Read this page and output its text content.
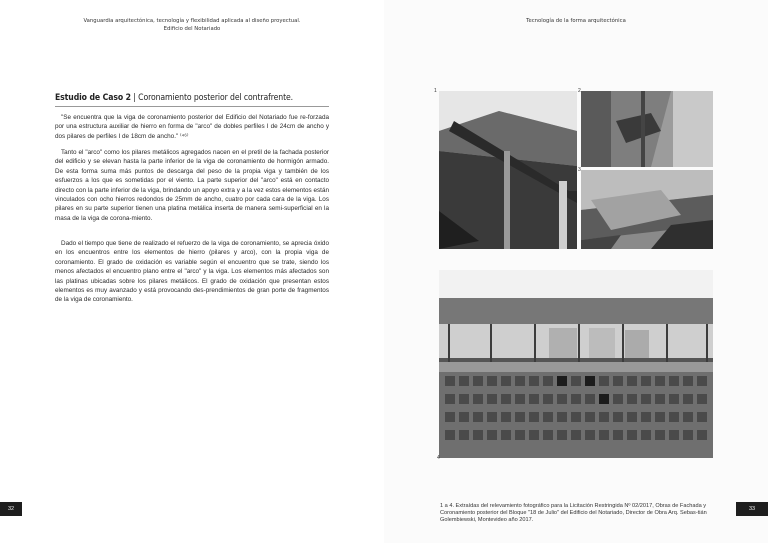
Vanguardia arquitectónica, tecnología y flexibilidad aplicada al diseño proyectual.
Edificio del Notariado
Tecnología de la forma arquitectónica
Estudio de Caso 2 | Coronamiento posterior del contrafrente.

"Se encuentra que la viga de coronamiento posterior del Edificio del Notariado fue re-forzada por una estructura auxiliar de hierro en forma de "arco" de dobles perfiles I de 24cm de ancho y dos pilares de perfiles I de 18cm de ancho." ⁽⁴⁶⁾

Tanto el "arco" como los pilares metálicos agregados nacen en el pretil de la fachada posterior del edificio y se elevan hasta la parte inferior de la viga de coronamiento de hormigón armado. De esta forma suma más puntos de descarga del peso de la propia viga y también de los esfuerzos a los que es sometidas por el viento. La parte superior del "arco" está en contacto directo con la parte inferior de la viga, brindando un apoyo extra y a la vez estos elementos están vinculados con ocho hierros redondos de 25mm de ancho, cuatro por cada cara de la viga. Los pilares en su parte superior tienen una platina metálica inserta de manera semi-superficial en la masa de la viga de corona-miento.

Dado el tiempo que tiene de realizado el refuerzo de la viga de coronamiento, se aprecia óxido en los encuentros entre los elementos de hierro (pilares y arco), con la propia viga de coronamiento. El grado de oxidación es variable según el encuentro que se trate, siendo los menos afectados el encuentro plano entre el "arco" y la viga. Los elementos más afectados son las platinas ubicadas sobre los pilares metálicos. El grado de oxidación que presentan estos elementos es muy avanzado y está provocando des-prendimientos de gran porte de fragmentos de la viga de coronamiento.

1	2
3
4
1 a 4. Extraídas del relevamiento fotográfico para la Licitación Restringida Nº 02/2017, Obras de Fachada y Coronamiento posterior del Bloque "18 de Julio" del Edificio del Notariado, Director de Obra Arq. Sebas-tián Golembiewski, Montevideo año 2017.
32	33
